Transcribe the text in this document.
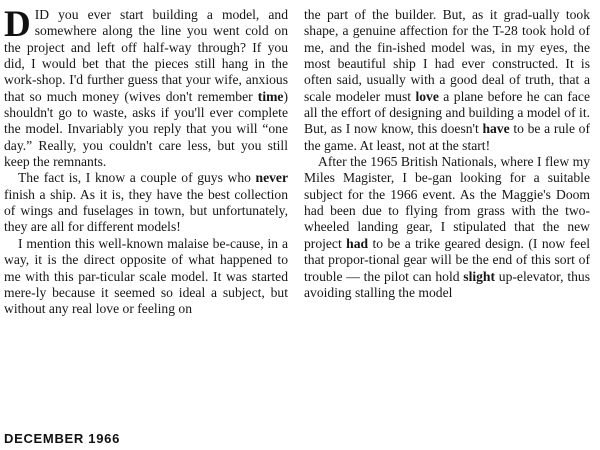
DID you ever start building a model, and somewhere along the line you went cold on the project and left off half-way through? If you did, I would bet that the pieces still hang in the work-shop. I'd further guess that your wife, anxious that so much money (wives don't remember time) shouldn't go to waste, asks if you'll ever complete the model. Invariably you reply that you will “one day.” Really, you couldn't care less, but you still keep the remnants.

The fact is, I know a couple of guys who never finish a ship. As it is, they have the best collection of wings and fuselages in town, but unfortunately, they are all for different models!

I mention this well-known malaise be-cause, in a way, it is the direct opposite of what happened to me with this par-ticular scale model. It was started mere-ly because it seemed so ideal a subject, but without any real love or feeling on

the part of the builder. But, as it grad-ually took shape, a genuine affection for the T-28 took hold of me, and the fin-ished model was, in my eyes, the most beautiful ship I had ever constructed. It is often said, usually with a good deal of truth, that a scale modeler must love a plane before he can face all the effort of designing and building a model of it. But, as I now know, this doesn't have to be a rule of the game. At least, not at the start!

After the 1965 British Nationals, where I flew my Miles Magister, I be-gan looking for a suitable subject for the 1966 event. As the Maggie's Doom had been due to flying from grass with the two-wheeled landing gear, I stipulated that the new project had to be a trike geared design. (I now feel that propor-tional gear will be the end of this sort of trouble — the pilot can hold slight up-elevator, thus avoiding stalling the model

DECEMBER 1966
